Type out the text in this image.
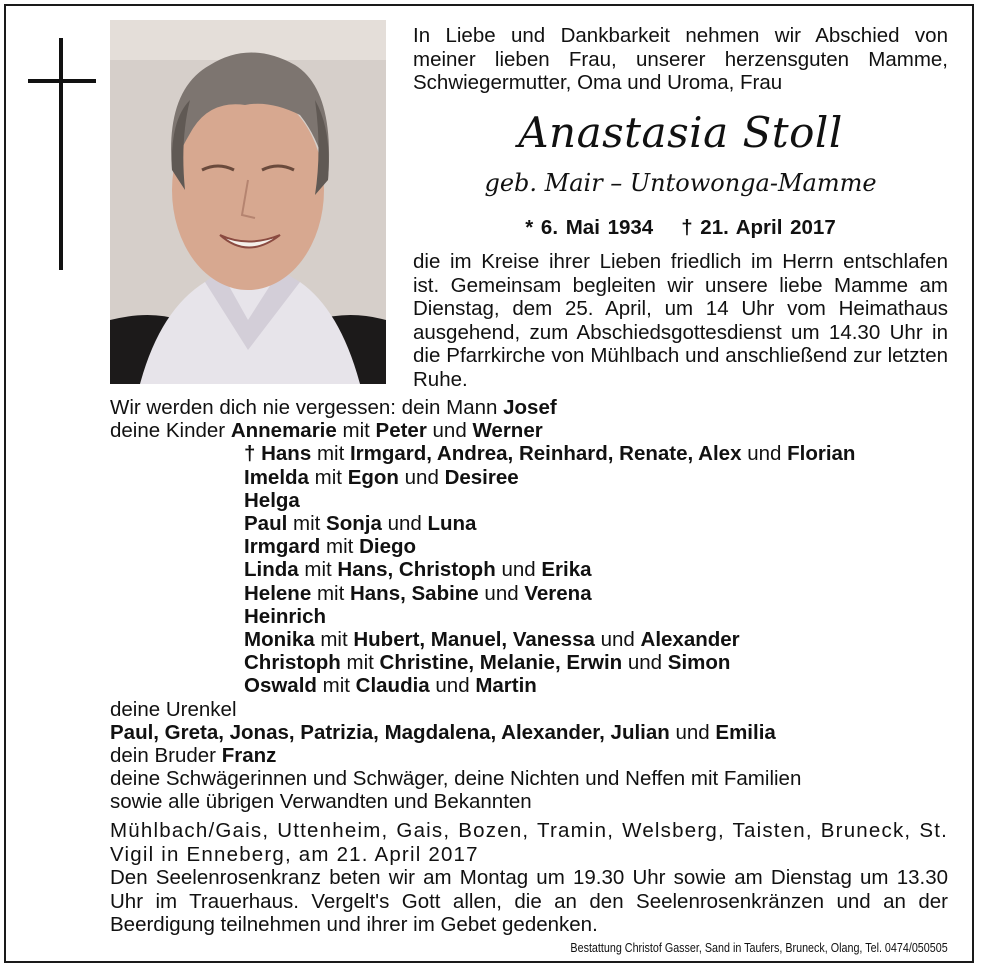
In Liebe und Dankbarkeit nehmen wir Abschied von meiner lieben Frau, unserer herzensguten Mamme, Schwiegermutter, Oma und Uroma, Frau
Anastasia Stoll
geb. Mair – Untowonga-Mamme
* 6. Mai 1934 † 21. April 2017
die im Kreise ihrer Lieben friedlich im Herrn entschlafen ist. Gemeinsam begleiten wir unsere liebe Mamme am Dienstag, dem 25. April, um 14 Uhr vom Heimathaus ausgehend, zum Abschiedsgottesdienst um 14.30 Uhr in die Pfarrkirche von Mühlbach und anschließend zur letzten Ruhe.
Wir werden dich nie vergessen: dein Mann Josef
deine Kinder Annemarie mit Peter und Werner
† Hans mit Irmgard, Andrea, Reinhard, Renate, Alex und Florian
Imelda mit Egon und Desiree
Helga
Paul mit Sonja und Luna
Irmgard mit Diego
Linda mit Hans, Christoph und Erika
Helene mit Hans, Sabine und Verena
Heinrich
Monika mit Hubert, Manuel, Vanessa und Alexander
Christoph mit Christine, Melanie, Erwin und Simon
Oswald mit Claudia und Martin
deine Urenkel
Paul, Greta, Jonas, Patrizia, Magdalena, Alexander, Julian und Emilia
dein Bruder Franz
deine Schwägerinnen und Schwäger, deine Nichten und Neffen mit Familien
sowie alle übrigen Verwandten und Bekannten
Mühlbach/Gais, Uttenheim, Gais, Bozen, Tramin, Welsberg, Taisten, Bruneck, St. Vigil in Enneberg, am 21. April 2017
Den Seelenrosenkranz beten wir am Montag um 19.30 Uhr sowie am Dienstag um 13.30 Uhr im Trauerhaus. Vergelt's Gott allen, die an den Seelenrosenkränzen und an der Beerdigung teilnehmen und ihrer im Gebet gedenken.
Bestattung Christof Gasser, Sand in Taufers, Bruneck, Olang, Tel. 0474/050505
